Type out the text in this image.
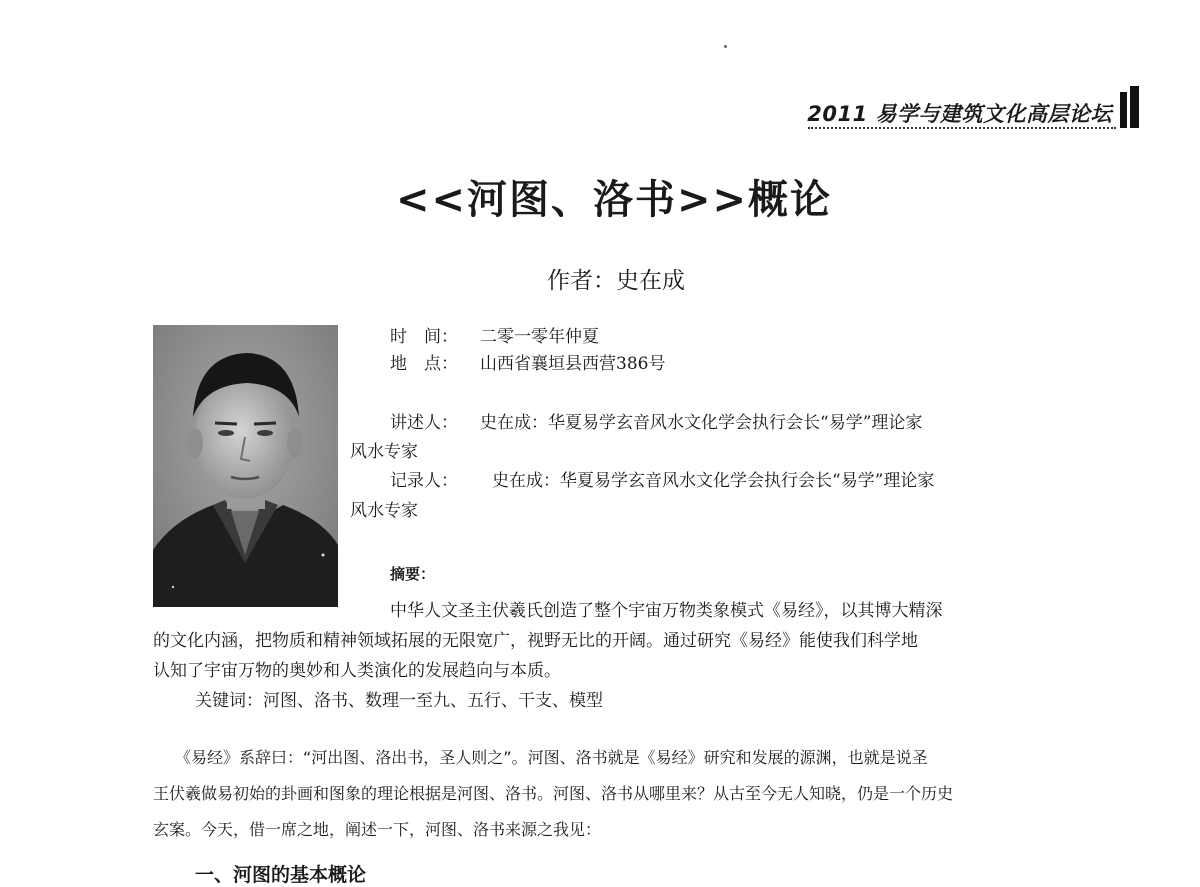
2011 易学与建筑文化高层论坛
<<河图、洛书>>概论
作者：史在成
时　间： 二零一零年仲夏
地　点： 山西省襄垣县西营386号
讲述人： 史在成：华夏易学玄音风水文化学会执行会长“易学”理论家
风水专家
记录人： 史在成：华夏易学玄音风水文化学会执行会长“易学”理论家
风水专家
摘要：
中华人文圣主伏羲氏创造了整个宇宙万物类象模式《易经》，以其博大精深
的文化内涵，把物质和精神领域拓展的无限宽广，视野无比的开阔。通过研究《易经》能使我们科学地
认知了宇宙万物的奥妙和人类演化的发展趋向与本质。
关键词：河图、洛书、数理一至九、五行、干支、模型
《易经》系辞曰：“河出图、洛出书，圣人则之”。河图、洛书就是《易经》研究和发展的源渊，也就是说圣
王伏羲做易初始的卦画和图象的理论根据是河图、洛书。河图、洛书从哪里来？从古至今无人知晓，仍是一个历史
玄案。今天，借一席之地，阐述一下，河图、洛书来源之我见：
一、河图的基本概论
